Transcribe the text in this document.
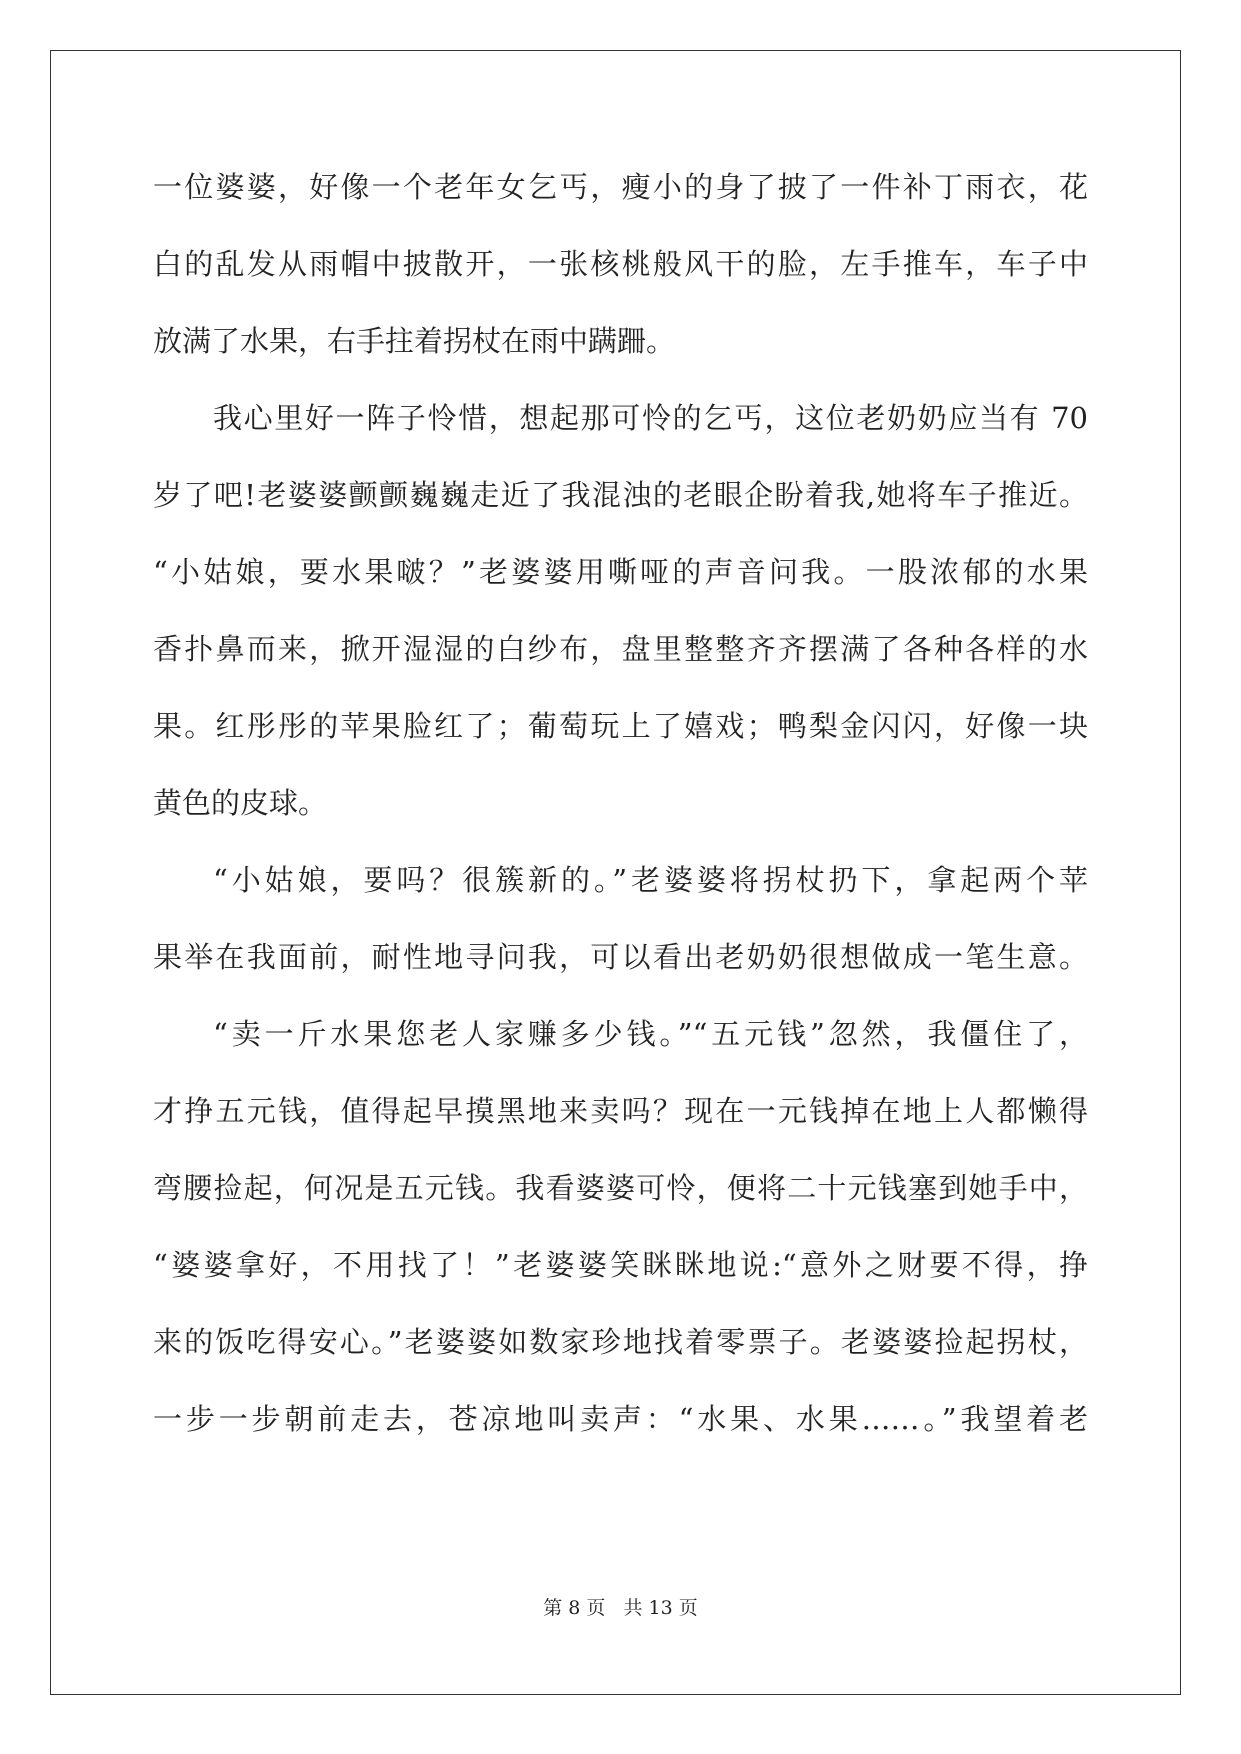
一位婆婆，好像一个老年女乞丐，瘦小的身了披了一件补丁雨衣，花
白的乱发从雨帽中披散开，一张核桃般风干的脸，左手推车，车子中
放满了水果，右手拄着拐杖在雨中蹒跚。
我心里好一阵子怜惜，想起那可怜的乞丐，这位老奶奶应当有 70
岁了吧!老婆婆颤颤巍巍走近了我混浊的老眼企盼着我,她将车子推近。
“小姑娘，要水果啵？”老婆婆用嘶哑的声音问我。一股浓郁的水果
香扑鼻而来，掀开湿湿的白纱布，盘里整整齐齐摆满了各种各样的水
果。红彤彤的苹果脸红了；葡萄玩上了嬉戏；鸭梨金闪闪，好像一块
黄色的皮球。
“小姑娘，要吗？很簇新的。”老婆婆将拐杖扔下，拿起两个苹
果举在我面前，耐性地寻问我，可以看出老奶奶很想做成一笔生意。
“卖一斤水果您老人家赚多少钱。”“五元钱”忽然，我僵住了，
才挣五元钱，值得起早摸黑地来卖吗？现在一元钱掉在地上人都懒得
弯腰捡起，何况是五元钱。我看婆婆可怜，便将二十元钱塞到她手中，
“婆婆拿好，不用找了！”老婆婆笑眯眯地说:“意外之财要不得，挣
来的饭吃得安心。”老婆婆如数家珍地找着零票子。老婆婆捡起拐杖，
一步一步朝前走去，苍凉地叫卖声：“水果、水果……。”我望着老
第 8 页 共 13 页
